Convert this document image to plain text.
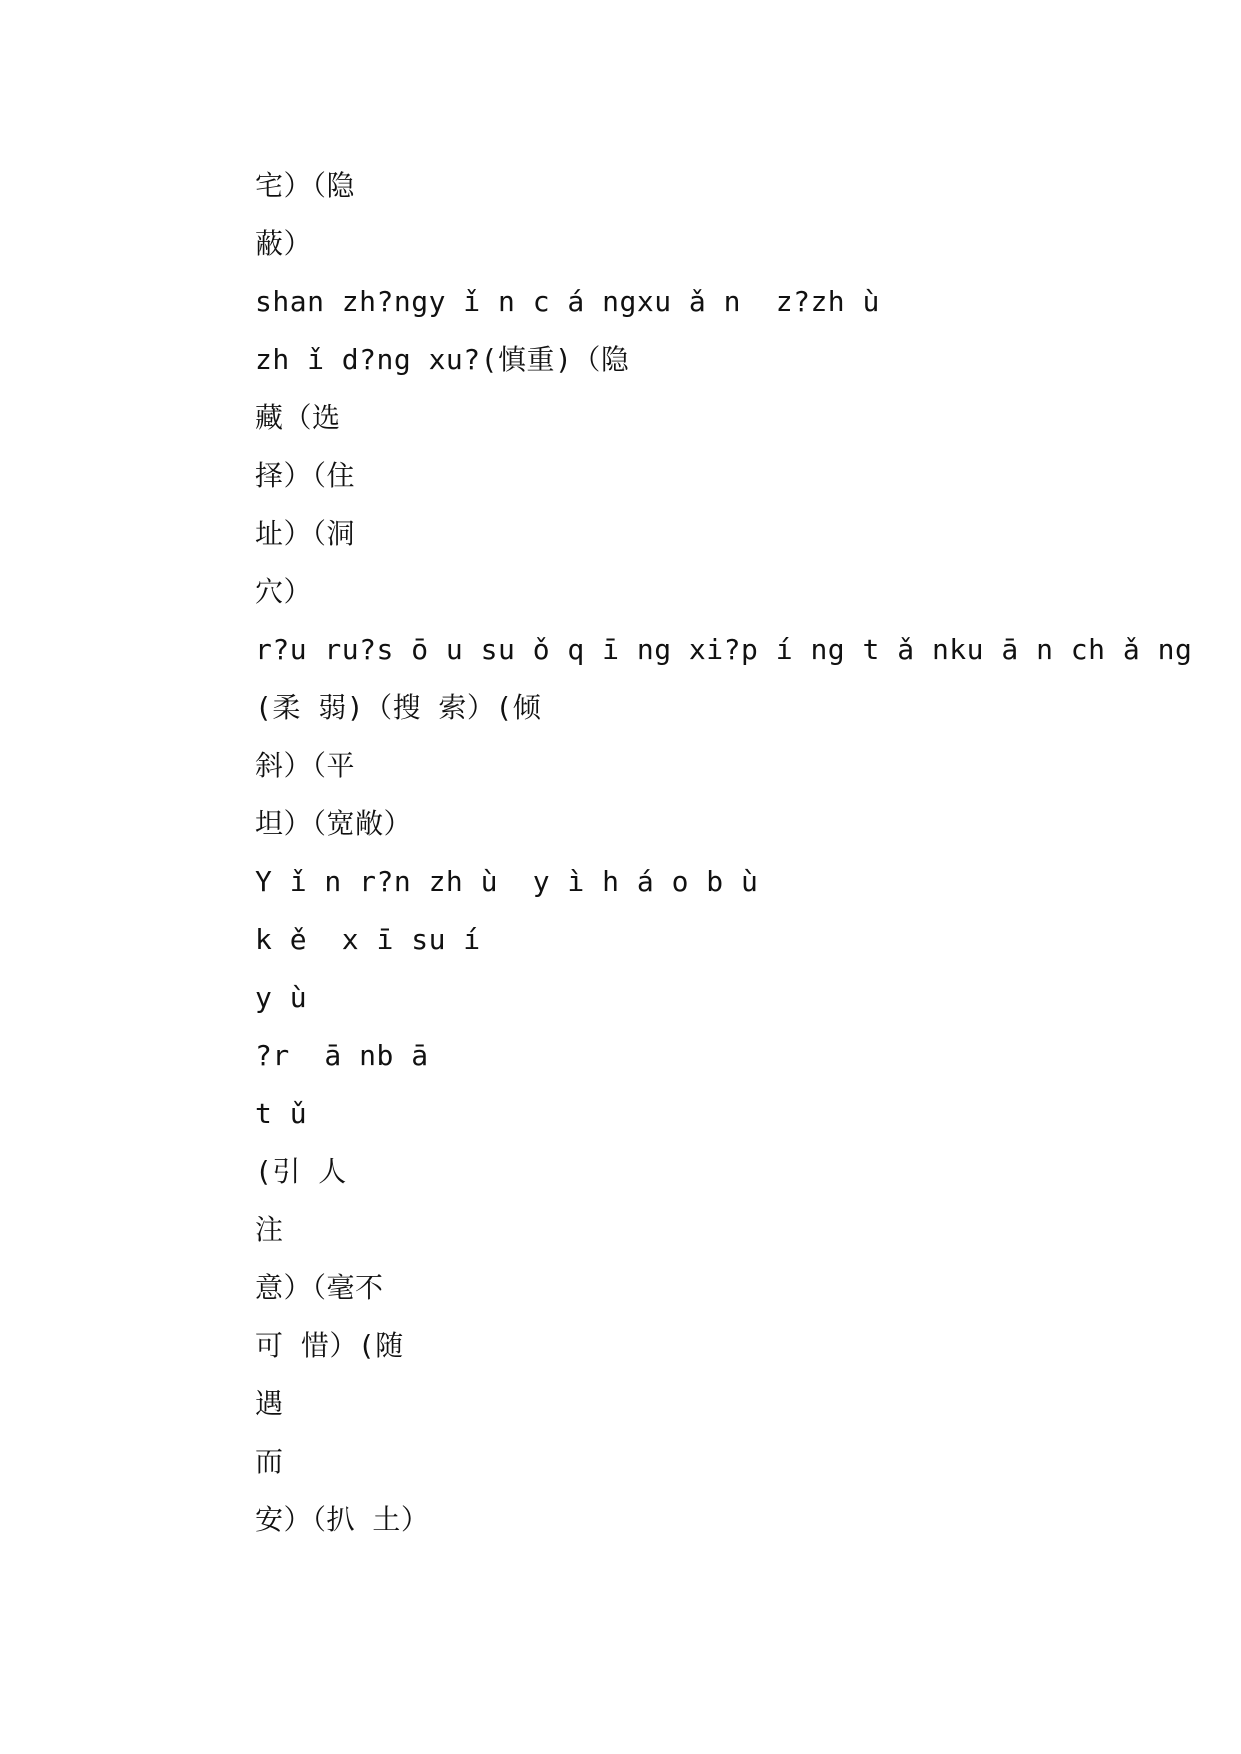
宅）（隐
蔽）
shan zh?ngy ǐ n c á ngxu ǎ n  z?zh ù
zh ǐ d?ng xu?(慎重)（隐
藏（选
择）（住
址）（洞
穴）
r?u ru?s ō u su ǒ q ī ng xi?p í ng t ǎ nku ā n ch ǎ ng
(柔 弱)（搜 索）(倾
斜）（平
坦）（宽敞）
Y ǐ n r?n zh ù  y ì h á o b ù
k ě  x ī su í
y ù
?r  ā nb ā
t ǔ
(引 人
注
意）（毫不
可 惜）(随
遇
而
安）（扒 土）
